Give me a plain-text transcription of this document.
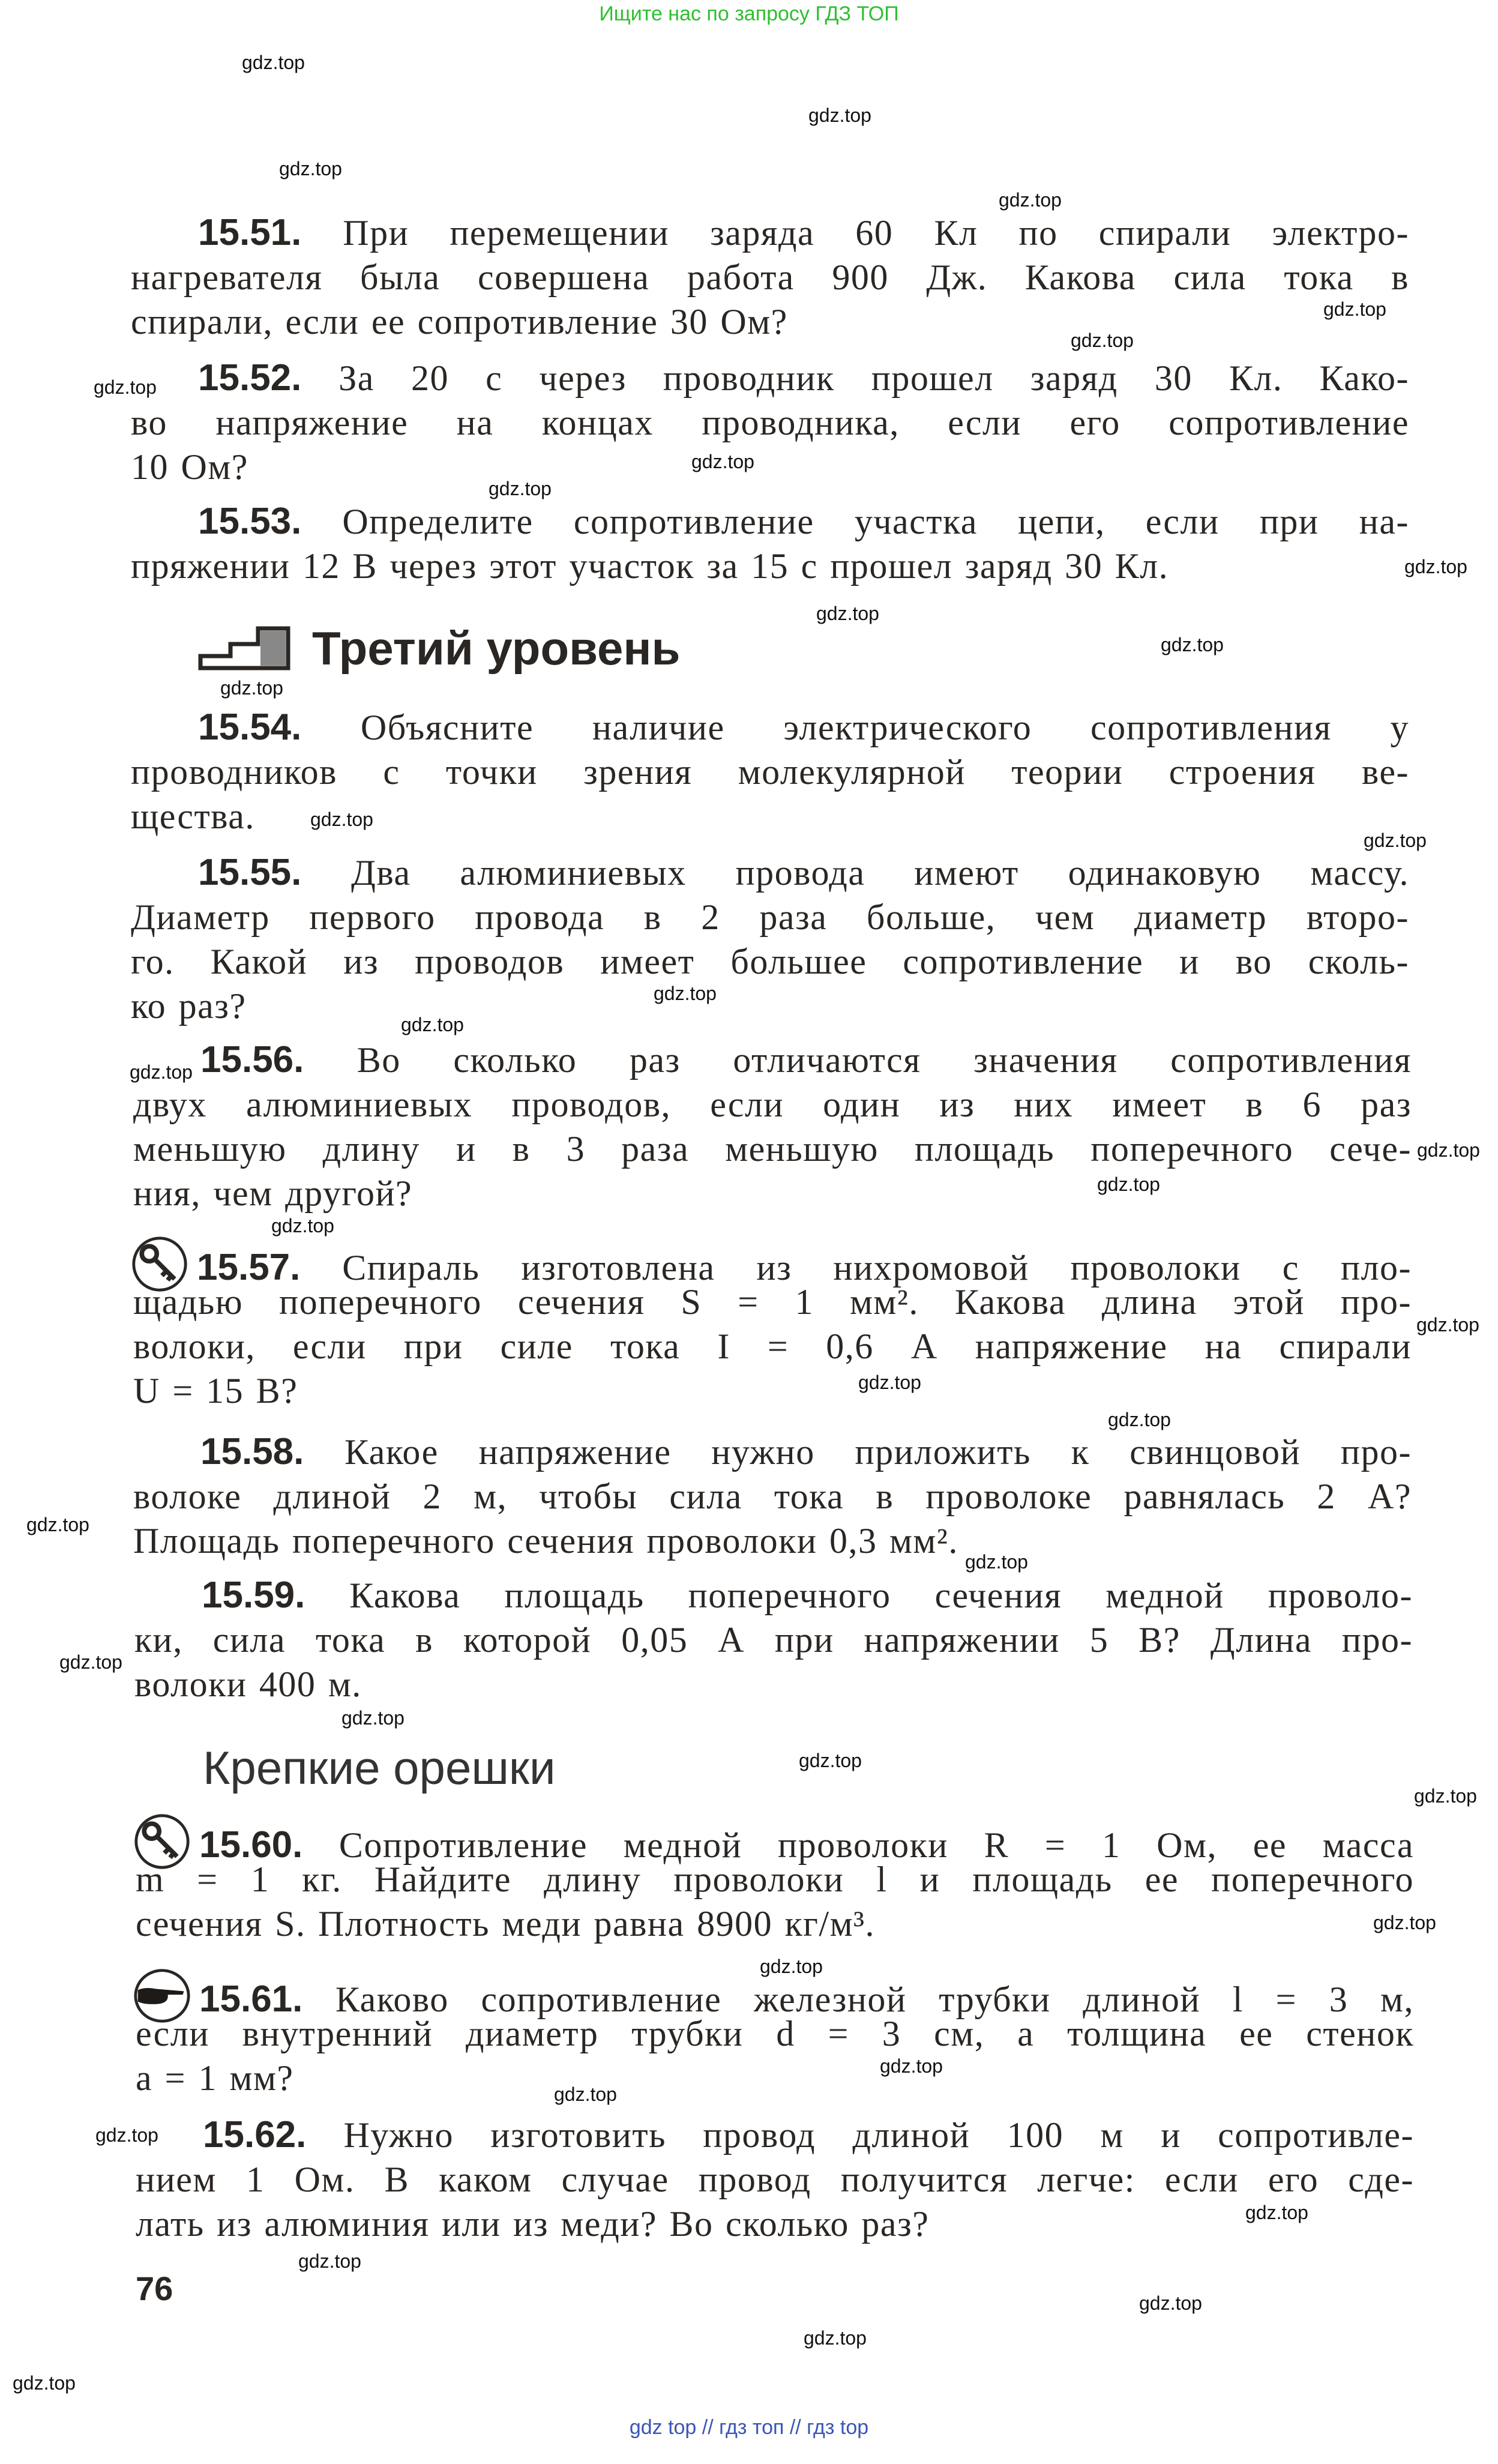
Ищите нас по запросу ГДЗ ТОП
15.51. При перемещении заряда 60 Кл по спирали электро-
нагревателя была совершена работа 900 Дж. Какова сила тока в
спирали, если ее сопротивление 30 Ом?
15.52. За 20 с через проводник прошел заряд 30 Кл. Како-
во напряжение на концах проводника, если его сопротивление
10 Ом?
15.53. Определите сопротивление участка цепи, если при на-
пряжении 12 В через этот участок за 15 с прошел заряд 30 Кл.
15.54. Объясните наличие электрического сопротивления у
проводников с точки зрения молекулярной теории строения ве-
щества.
15.55. Два алюминиевых провода имеют одинаковую массу.
Диаметр первого провода в 2 раза больше, чем диаметр второ-
го. Какой из проводов имеет большее сопротивление и во сколь-
ко раз?
15.56. Во сколько раз отличаются значения сопротивления
двух алюминиевых проводов, если один из них имеет в 6 раз
меньшую длину и в 3 раза меньшую площадь поперечного сече-
ния, чем другой?
15.57. Спираль изготовлена из нихромовой проволоки с пло-
щадью поперечного сечения S = 1 мм². Какова длина этой про-
волоки, если при силе тока I = 0,6 А напряжение на спирали
U = 15 В?
15.58. Какое напряжение нужно приложить к свинцовой про-
волоке длиной 2 м, чтобы сила тока в проволоке равнялась 2 А?
Площадь поперечного сечения проволоки 0,3 мм².
15.59. Какова площадь поперечного сечения медной проволо-
ки, сила тока в которой 0,05 А при напряжении 5 В? Длина про-
волоки 400 м.
15.60. Сопротивление медной проволоки R = 1 Ом, ее масса
m = 1 кг. Найдите длину проволоки l и площадь ее поперечного
сечения S. Плотность меди равна 8900 кг/м³.
15.61. Каково сопротивление железной трубки длиной l = 3 м,
если внутренний диаметр трубки d = 3 см, а толщина ее стенок
a = 1 мм?
15.62. Нужно изготовить провод длиной 100 м и сопротивле-
нием 1 Ом. В каком случае провод получится легче: если его сде-
лать из алюминия или из меди? Во сколько раз?
Третий уровень
Крепкие орешки
76
gdz.top
gdz.top
gdz.top
gdz.top
gdz.top
gdz.top
gdz.top
gdz.top
gdz.top
gdz.top
gdz.top
gdz.top
gdz.top
gdz.top
gdz.top
gdz.top
gdz.top
gdz.top
gdz.top
gdz.top
gdz.top
gdz.top
gdz.top
gdz.top
gdz.top
gdz.top
gdz.top
gdz.top
gdz.top
gdz.top
gdz.top
gdz.top
gdz.top
gdz.top
gdz.top
gdz.top
gdz.top
gdz.top
gdz.top
gdz.top
gdz top // гдз топ // гдз top
